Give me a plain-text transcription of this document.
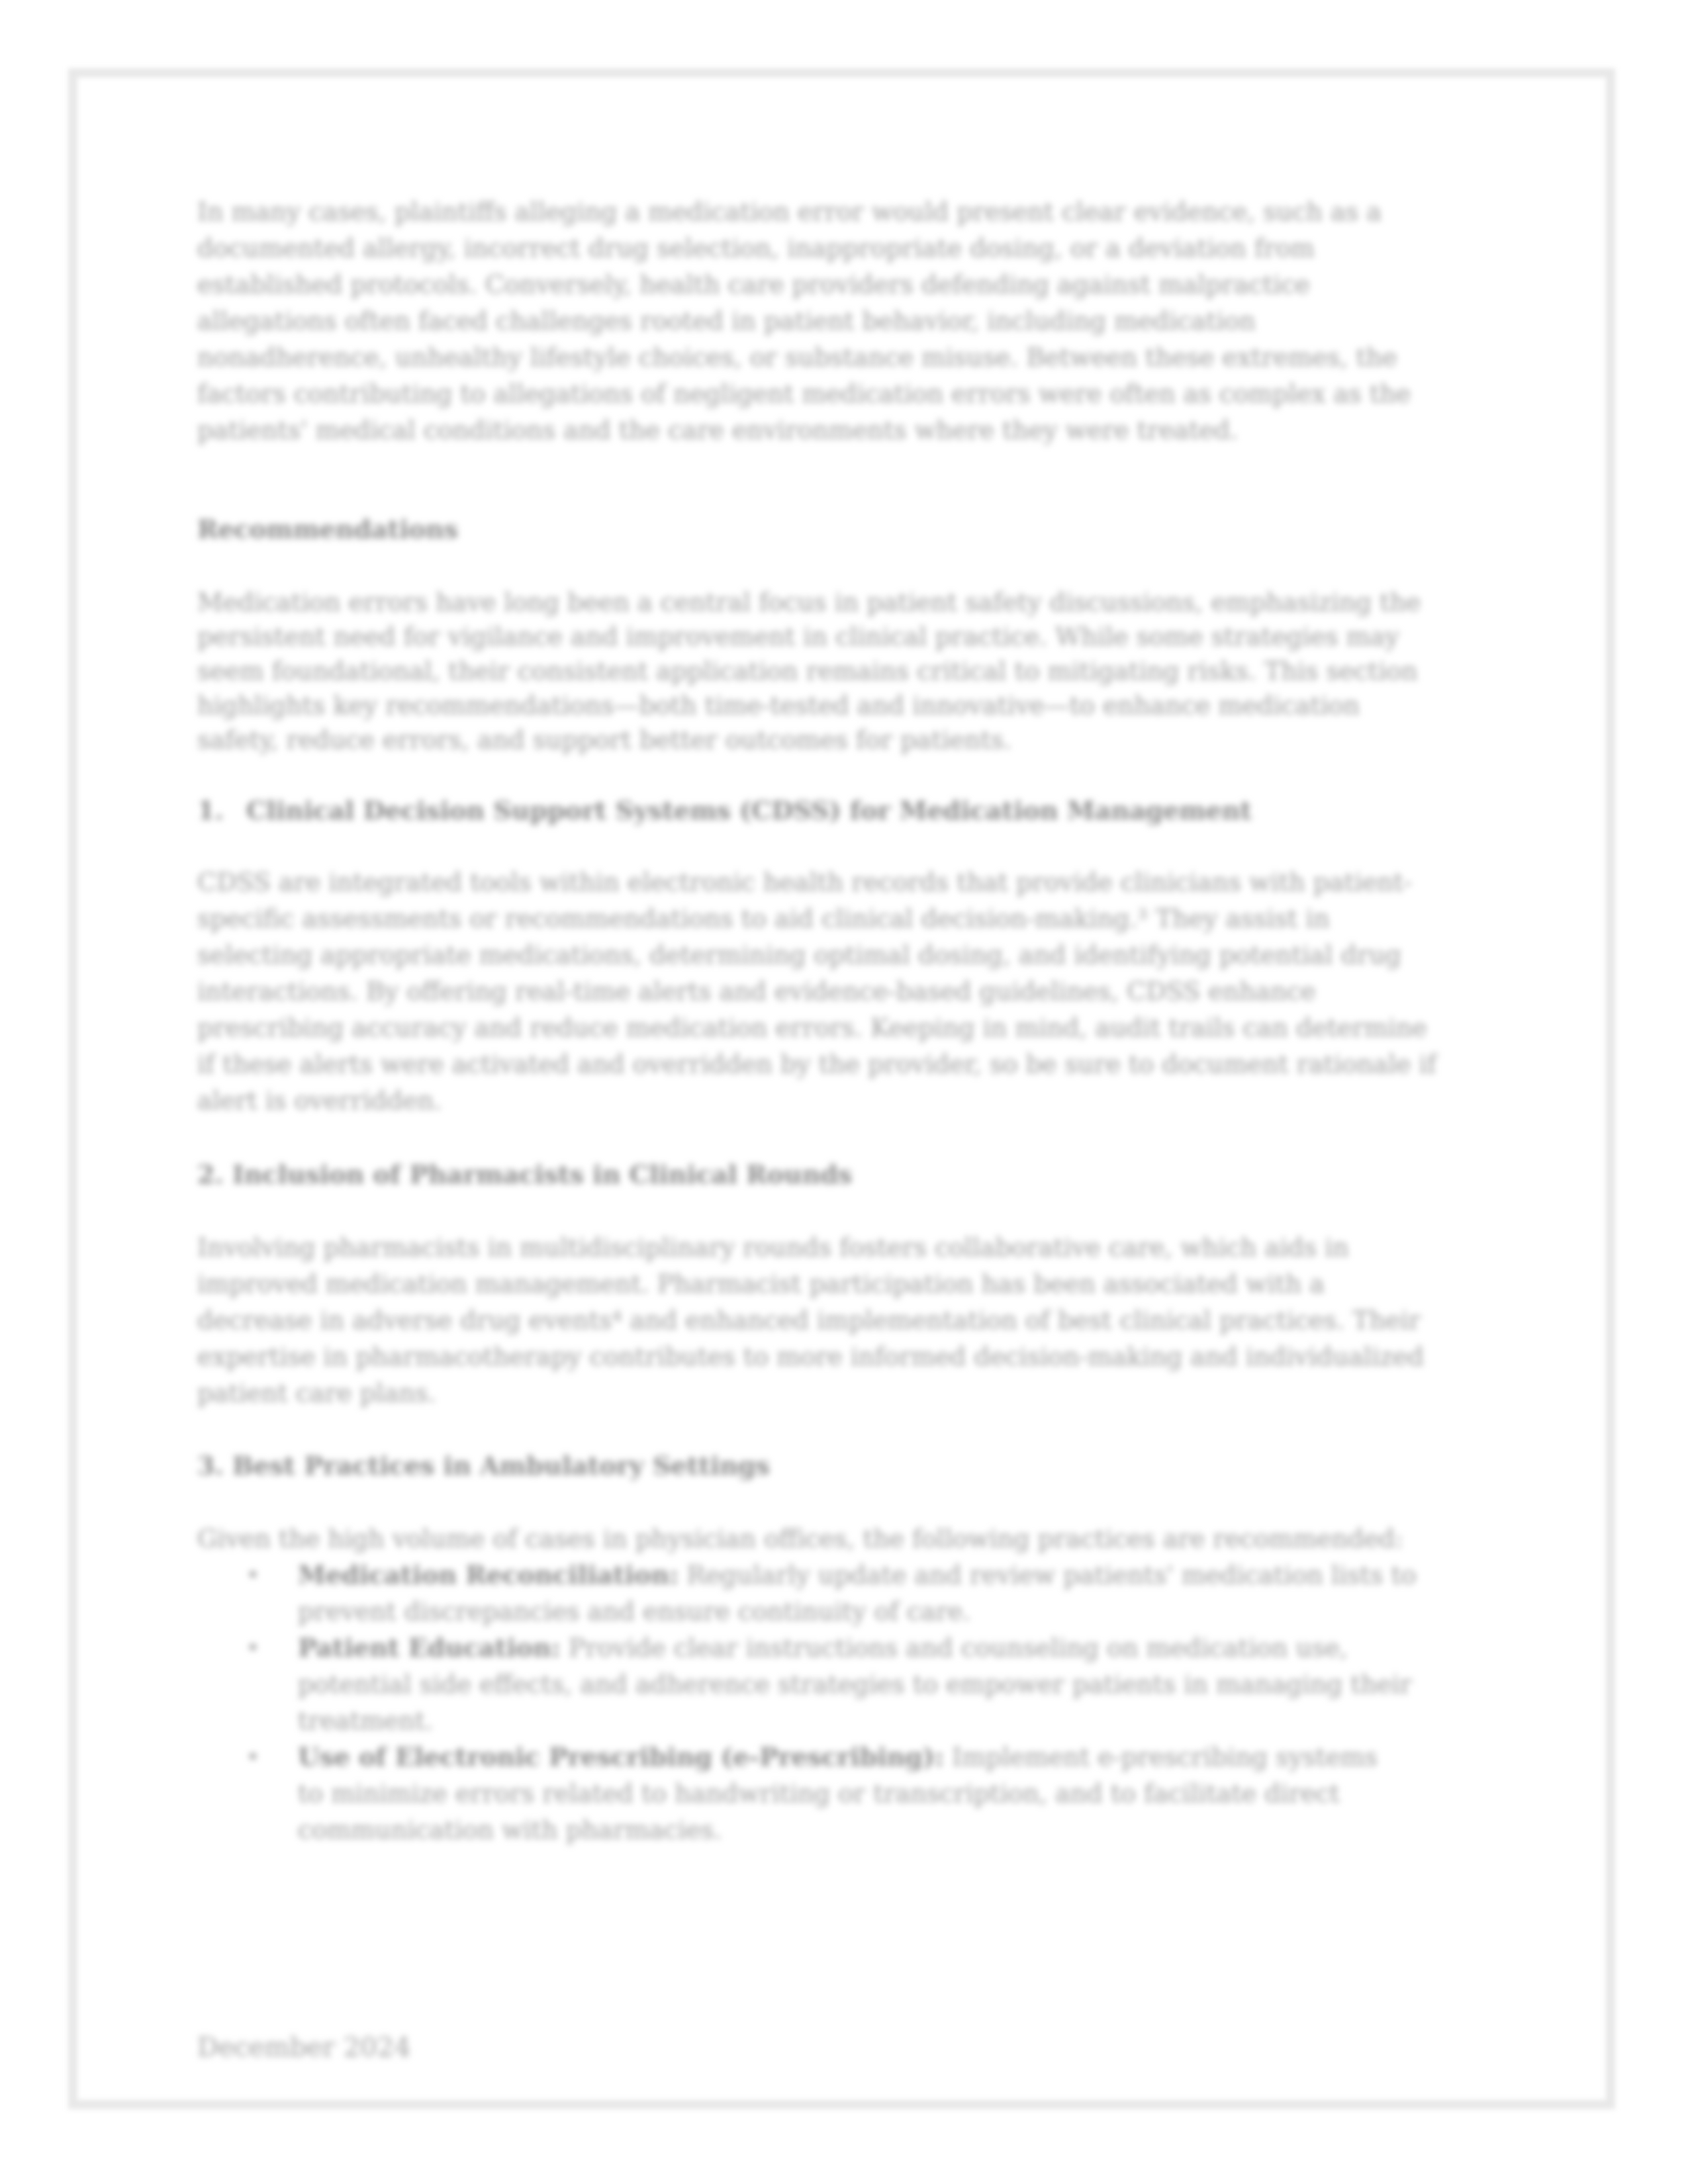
In many cases, plaintiffs alleging a medication error would present clear evidence, such as a
documented allergy, incorrect drug selection, inappropriate dosing, or a deviation from
established protocols. Conversely, health care providers defending against malpractice
allegations often faced challenges rooted in patient behavior, including medication
nonadherence, unhealthy lifestyle choices, or substance misuse. Between these extremes, the
factors contributing to allegations of negligent medication errors were often as complex as the
patients' medical conditions and the care environments where they were treated.
Recommendations
Medication errors have long been a central focus in patient safety discussions, emphasizing the
persistent need for vigilance and improvement in clinical practice. While some strategies may
seem foundational, their consistent application remains critical to mitigating risks. This section
highlights key recommendations—both time-tested and innovative—to enhance medication
safety, reduce errors, and support better outcomes for patients.
1. Clinical Decision Support Systems (CDSS) for Medication Management
CDSS are integrated tools within electronic health records that provide clinicians with patient-
specific assessments or recommendations to aid clinical decision-making.³ They assist in
selecting appropriate medications, determining optimal dosing, and identifying potential drug
interactions. By offering real-time alerts and evidence-based guidelines, CDSS enhance
prescribing accuracy and reduce medication errors. Keeping in mind, audit trails can determine
if these alerts were activated and overridden by the provider, so be sure to document rationale if
alert is overridden.
2. Inclusion of Pharmacists in Clinical Rounds
Involving pharmacists in multidisciplinary rounds fosters collaborative care, which aids in
improved medication management. Pharmacist participation has been associated with a
decrease in adverse drug events⁴ and enhanced implementation of best clinical practices. Their
expertise in pharmacotherapy contributes to more informed decision-making and individualized
patient care plans.
3. Best Practices in Ambulatory Settings
Given the high volume of cases in physician offices, the following practices are recommended:
• Medication Reconciliation: Regularly update and review patients' medication lists to
prevent discrepancies and ensure continuity of care.
• Patient Education: Provide clear instructions and counseling on medication use,
potential side effects, and adherence strategies to empower patients in managing their
treatment.
• Use of Electronic Prescribing (e-Prescribing): Implement e-prescribing systems
to minimize errors related to handwriting or transcription, and to facilitate direct
communication with pharmacies.
December 2024
